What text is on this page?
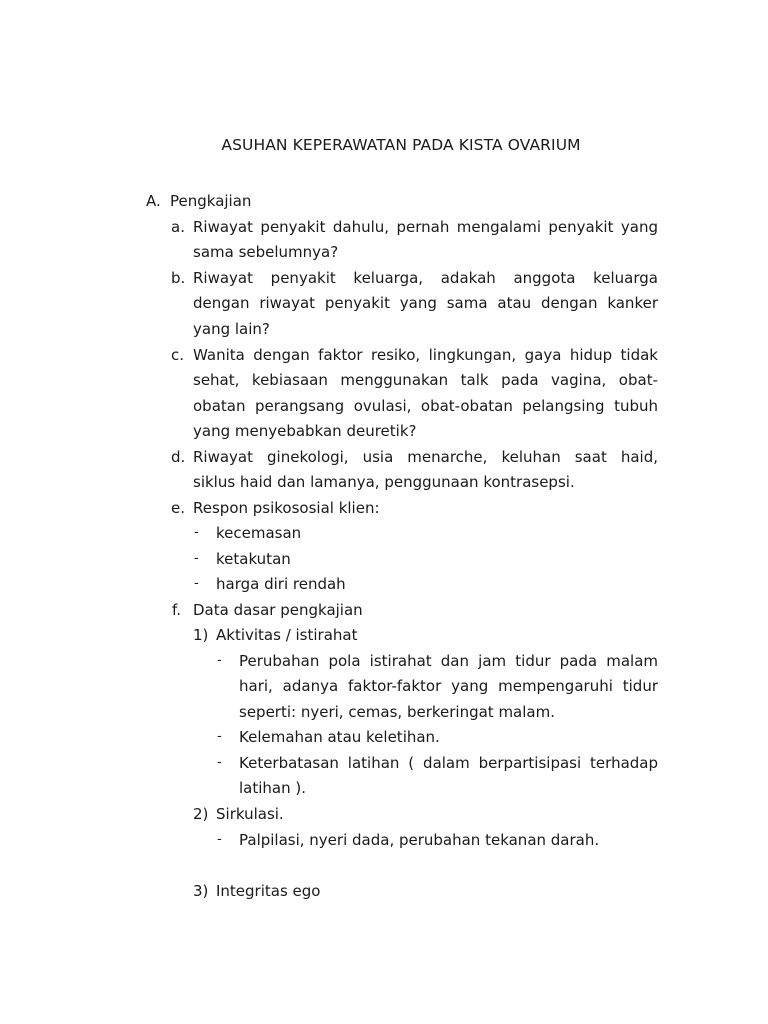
ASUHAN KEPERAWATAN PADA KISTA OVARIUM
A. Pengkajian
a. Riwayat penyakit dahulu, pernah mengalami penyakit yang
sama sebelumnya?
b. Riwayat penyakit keluarga, adakah anggota keluarga
dengan riwayat penyakit yang sama atau dengan kanker
yang lain?
c. Wanita dengan faktor resiko, lingkungan, gaya hidup tidak
sehat, kebiasaan menggunakan talk pada vagina, obat-
obatan perangsang ovulasi, obat-obatan pelangsing tubuh
yang menyebabkan deuretik?
d. Riwayat ginekologi, usia menarche, keluhan saat haid,
siklus haid dan lamanya, penggunaan kontrasepsi.
e. Respon psikososial klien:
- kecemasan
- ketakutan
- harga diri rendah
f. Data dasar pengkajian
1) Aktivitas / istirahat
- Perubahan pola istirahat dan jam tidur pada malam
hari, adanya faktor-faktor yang mempengaruhi tidur
seperti: nyeri, cemas, berkeringat malam.
- Kelemahan atau keletihan.
- Keterbatasan latihan ( dalam berpartisipasi terhadap
latihan ).
2) Sirkulasi.
- Palpilasi, nyeri dada, perubahan tekanan darah.
3) Integritas ego
